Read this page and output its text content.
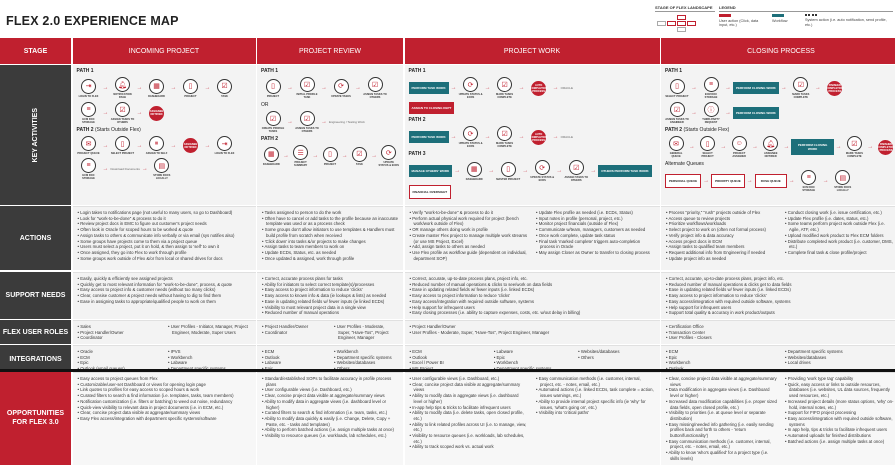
FLEX 2.0 EXPERIENCE MAP
STAGE OF FLEX LANDSCAPE	LEGEND
User action (Click, data input, etc.)
Workflow	System action (i.e. auto notification, send profile, etc.)
STAGE	INCOMING PROJECT	PROJECT REVIEW	PROJECT WORK	CLOSING PROCESS
KEY ACTIVITIES
PATH 1
⇥
LOGIN TO FLEX
→	🔔︎
NOTIFICATION PAGE
→	▦
DASHBOARD
→	▯
PROJECT
→	☑
TASK
≡
ECM DOC STORAGE
→	☑
ASSIGN TASKS TO OTHERS
→	ASSIGNEE NOTIFIED
PATH 2 (Starts Outside Flex)
✉
PROJECT QUEUE
→	▯
SELECT PROJECT
→	⏸
ASSIGN TO SELF
→	ASSIGNEE NOTIFIED →	⇥
LOGIN TO FLEX
≡
ECM DOC STORAGE
→ Download Documents →	▤
STORE DOCS LOCALLY
PATH 1
▯
PROJECT
→	☑
INITIAL PROFILE TASK
→	⟳
UPDATE TASKS
→	☑
ASSIGN TASKS TO OTHERS
OR
☑
CREATE PROFILE TASKS
→	☑
ASSIGN TASKS TO OTHERS
→ Engineering / Testing Work
PATH 2
▦
DASHBOARD
→	☰
PROJECT SUMMARY
→	▯
PROJECT
→	☑
TASK
→	⟳
UPDATE STATUS & ECDS
PATH 1
PERFORM TASK WORK →	⟳
UPDATE STATUS & ECDS
→	☑
MARK TASKS COMPLETE
→	AUTO COMPLETION PROCESS → ORACLE
ASSIGN TO CLOSING DEPT
PATH 2
PERFORM TASK WORK →	⟳
UPDATE STATUS & ECDS
→	☑
MARK TASKS COMPLETE
→	AUTO COMPLETION PROCESS → ORACLE
PATH 3
MANAGE OTHERS' WORK →	▦
DASHBOARD
→	▯
MASTER PROJECT
→	⟳
UPDATE STATUS & ECDS
→	☑
ASSIGN TASKS TO OTHERS
→	OTHERS PERFORM TASK WORK
FINANCIAL OVERSIGHT
PATH 1
▯
SELECT PROJECT
→	≡
ECM DOC STORAGE
→	PERFORM CLOSING WORK →	☑
MARK TASKS COMPLETE
→	FINISHED COMPLETION PROCESS
☑
ASSIGN TASKS TO ENGINEER
→	ⓘ
THIRD-PARTY REQUEST
→	PERFORM CLOSING WORK
PATH 2 (Starts Outside Flex)
✉
GENERAL QUEUE
→	▯
SELECT PROJECT
→	☺
PROJECT ASSIGNED
→	🔔︎
ASSIGNEE NOTIFIED
→	PERFORM CLOSING WORK	→	☑
MARK TASKS COMPLETE
→	FINISHED COMPLETION PROCESS
Alternate Queues
PERSONAL QUEUE	→	PRIORITY QUEUE	→	RUSH QUEUE	→	≡
ECM DOC STORAGE
→	▤
STORE DOCS LOCALLY
ACTIONS
• Login takes to notifications page (not useful to many users, so go to Dashboard)
• Look for "work-to-be-done" & process to do it
• Review project docs in EMC to figure out customer's project needs
• Often look in Oracle for scoped hours to be worked & quote
• Assign tasks to others & communicate info verbally or via email (sys notifies also)
• Some groups have projects come to them via a project queue
• Users must select a project, put it on hold, & then assign to 'self' to own it
• Once assigned, they go into Flex to work through profile
• Some groups work outside of Flex &/or from local or shared drives for docs
• Tasks assigned to person to do the work
• Often have to cancel or add tasks to the profile because an inaccurate template was used or as a process check
• Some groups don't allow initiators to use templates & Handlers must build profile from scratch when received
• 'Click down' into tasks &/or projects to make changes
• Assign tasks to team members to work on
• Update ECDs, Status, etc. as needed
• Once updated & assigned, work through profile
• Verify "work-to-be-done" & process to do it
• Perform actual physical work required for project (bench work/work outside of Flex)
• OR manage others doing work in profile
• Create master Flex project to manage multiple work streams (or use MS Project, Excel)
• Add, assign tasks to others as needed
• Use Flex profile as workflow guide (dependent on individual, department SOP)
• Update Flex profile as needed (i.e. ECDs, Status)
• Input notes in profile (personal, project, etc.)
• Monitor project financials (outside of Flex)
• Communicate w/team, managers, customers as needed
• Once work complete, update task status
• Final task 'marked complete' triggers auto-completion process in Oracle
• May assign Closer as Owner to transfer to closing process
• Process "priority," "rush" projects outside of Flex
• Access queue to review projects
• Prioritize workflows/workloads
• Select project to work on (often not formal process)
• Verify project info & data accuracy
• Access project docs in ECM
• Assign tasks to qualified team members
• Request additional info from Engineering if needed
• Update project info as needed
• Conduct closing work (i.e. issue certification, etc.)
• Update Flex profile (i.e. dates, status, etc.)
• Some teams perform project work outside Flex (i.e. Agile, ATF, etc.)
• Upload modified work product to Flex ECM folders
• Distribute completed work product (i.e. customer, DMS, etc.)
• Complete final task & close profile/project
SUPPORT NEEDS
• Easily, quickly & efficiently see assigned projects
• Quickly get to most relevant information for "work-to-be-done", process, & quote
• Easy access to project info & customer needs (without too many clicks)
• Clear, consise customer & project needs without having to dig to find them
• Ease in assigning tasks to appropriate/qualified people to work on them
• Correct, accurate process plans for tasks
• Ability for initiators to select correct template(s)/processes
• Easy access to project information to reduce 'clicks'
• Easy access to known info & data (ie lookups & lists) as needed
• Ease in updating related fields w/ fewer inputs (ie linked ECDs)
• Visibility to most relevant project data in a single view
• Reduced number of manual operations
• Correct, accurate, up-to-date process plans, project info, etc.
• Reduced number of manual operations & clicks to see/work on data fields
• Ease in updating related fields w/ fewer inputs (i.e. linked ECDs)
• Easy access to project information to reduce 'clicks'
• Easy access/integration with required outside software, systems
• Help support for infrequent users
• Easy closing processes (i.e. ability to capture expenses, costs, etc. w/out delay in billing)
• Correct, accurate, up-to-date process plans, project info, etc.
• Reduced number of manual operations & clicks get to data fields
• Ease in updating related fields w/ fewer inputs (i.e. linked ECDs)
• Easy access to project information to reduce 'clicks'
• Easy access/integration with required outside software, systems
• Help support for infrequent users
• Support total quality & accuracy in work product/outputs
FLEX USER ROLES
• Sales
• Project Handler/Owner
• Coordinator
• User Profiles - Initiator, Manager, Project Engineer, Moderate, Super Users
• Project Handler/Owner
• Coordinator
• User Profiles - Moderate, Super, "Have-Tos", Project Engineer, Manager
• Project Handler/Owner
• User Profiles - Moderate, Super, "Have-Tos", Project Engineer, Manager
• Certification Office
• Transaction Center
• User Profiles - Closers
INTEGRATIONS
• Oracle
• ECM
• Epic
•
• IPVS
• Workbench
• Labware
•
• ECM
• Outlook
• Labware
•
• Workbench
• Department specific systems
• Websites/databases
•
• ECM
• Outlook
• Excel / Power BI
•
• Labware
• Epic
• Workbench
•
• Websites/databases
• Others
• ECM
• Epic
• Workbench
•
• Department specific systems
• Websites/databases
• Local drives
OPPORTUNITIES FOR FLEX 3.0
• Easy access to project queues from Flex
• Customizable/user-set Dashboard or views for opening login page
• Link quotes to profiles for easy access to scoped hours & work
• Curated filters to search & find information (i.e. templates, tasks, team members)
• Notification customization (i.e. filters or batching) to weed out noise, redundancy
• Quick-view visibility to relevant data in project documents (i.e. in ECM, etc.)
• Clear, concise project data visible at aggregate/summary views
• Easy Flex access/integration with department specific systems/software
• Standard/established SOPs to facilitate accuracy in profile process plans
• User configurable views (i.e. Dashboard, etc.)
• Clear, concise project data visible at aggregate/summary views
• Ability to modify data in aggregate views (i.e. dashboard level or higher)
• Curated filters to search & find information (i.e. team, tasks, etc.)
• Ability to modify data quickly & easily (i.e. Change, Delete, Copy + Paste, etc. - tasks and templates)
• Ability to perform batched actions (i.e. assign multiple tasks at once)
• Visibility to resource queues (i.e. workloads, lab schedules, etc.)
• User configurable views (i.e. Dashboard, etc.)
• Clear, concise project data visible at aggregate/summary views
• Ability to modify data in aggregate views (i.e. dashboard level or higher)
• In-app help tips & tricks to facilitate infrequent users
• Ability to modify data (i.e. delete tasks, open closed profile, etc.)
• Ability to link related profiles across UI (i.e. to manage, view, etc.)
• Visibility to resource queues (i.e. workloads, lab schedules, etc.)
• Ability to track scoped work vs. actual work
• Easy communication methods (i.e. customer, internal, project, etc. - notes, email, etc.)
• Automated actions (i.e. linked ECDs, task complete = action, issues warnings, etc.)
• Ability to provide internal project specific info (ie 'why' for issues, 'what's going on', etc.)
• Visibility into 'critical paths'
• Clear, concise project data visible at aggregate/summary views
• Data modification in aggregate views (i.e. Dashboard level or higher)
• Increased data modification capabilities (i.e. proper sized data fields, open closed profile, etc.)
• Visibility to priorities (i.e. at queue level or separate distribution)
• Easy missing/needed info gathering (i.e. easily sending profiles back and forth to others - 'return button/functionality')
• Easy communication methods (i.e. customer, internal, project, etc. - notes, email, etc.)
• Ability to know 'who's qualified' for a project type (i.e. skills levels)
• Providing 'work type tag' capability
• Quick, easy access or links to outside resources, databases (i.e. websites, UL data sources, frequently used resources, etc.)
• Increased project details (more status options, 'why' on-hold, internal notes, etc.)
• Support for FIFO project processing
• Easy access/integration with required outside software, systems
• In app help, tips & tricks to facilitate infrequent users
• Automated uploads for finished distributions
• Batched actions (i.e. assign multiple tasks at once)
